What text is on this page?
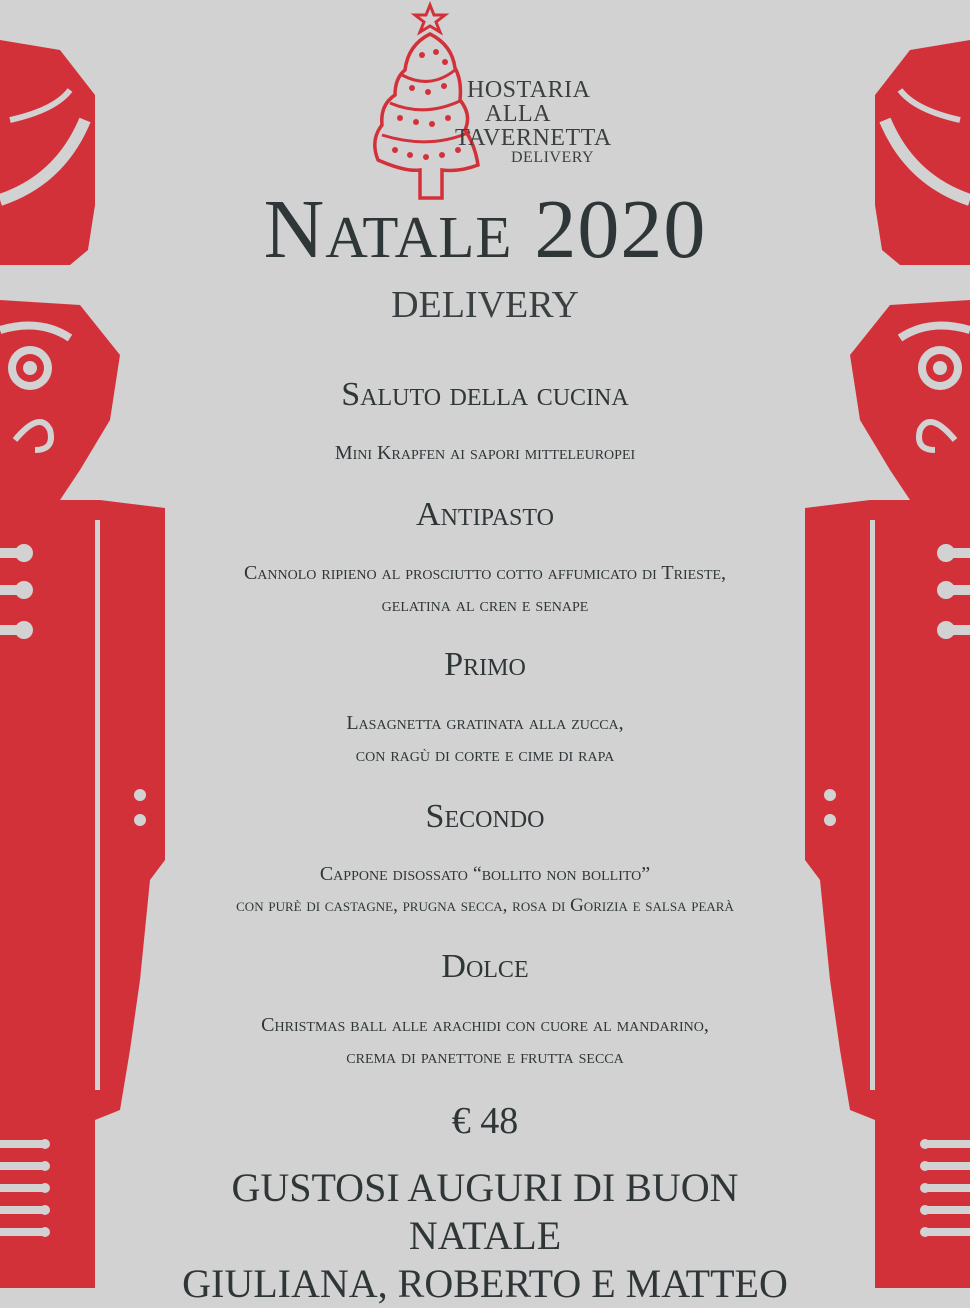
HOSTARIA
ALLA
TAVERNETTA
DELIVERY
Natale 2020
DELIVERY
Saluto della cucina
Mini Krapfen ai sapori mitteleuropei
Antipasto
Cannolo ripieno al prosciutto cotto affumicato di Trieste,
gelatina al cren e senape
Primo
Lasagnetta gratinata alla zucca,
con ragù di corte e cime di rapa
Secondo
Cappone disossato “bollito non bollito”
con purè di castagne, prugna secca, rosa di Gorizia e salsa pearà
Dolce
Christmas ball alle arachidi con cuore al mandarino,
crema di panettone e frutta secca
€ 48
GUSTOSI AUGURI DI BUON NATALE
GIULIANA, ROBERTO E MATTEO
